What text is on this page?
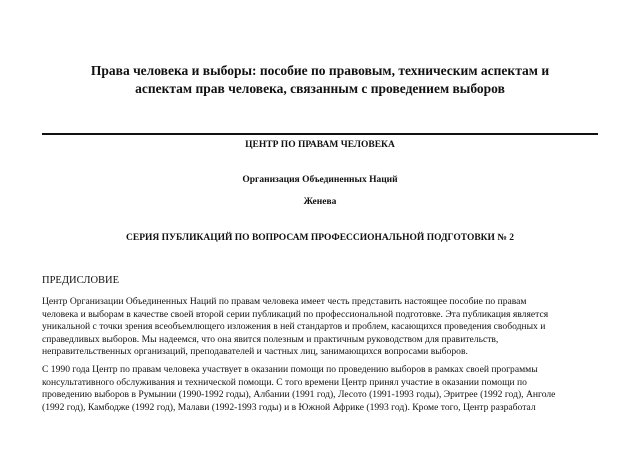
Права человека и выборы: пособие по правовым, техническим аспектам и
аспектам прав человека, связанным с проведением выборов
ЦЕНТР ПО ПРАВАМ ЧЕЛОВЕКА
Организация Объединенных Наций
Женева
СЕРИЯ ПУБЛИКАЦИЙ ПО ВОПРОСАМ ПРОФЕССИОНАЛЬНОЙ ПОДГОТОВКИ № 2
ПРЕДИСЛОВИЕ
Центр Организации Объединенных Наций по правам человека имеет честь представить настоящее пособие по правам
человека и выборам в качестве своей второй серии публикаций по профессиональной подготовке. Эта публикация является
уникальной с точки зрения всеобъемлющего изложения в ней стандартов и проблем, касающихся проведения свободных и
справедливых выборов. Мы надеемся, что она явится полезным и практичным руководством для правительств,
неправительственных организаций, преподавателей и частных лиц, занимающихся вопросами выборов.
С 1990 года Центр по правам человека участвует в оказании помощи по проведению выборов в рамках своей программы
консультативного обслуживания и технической помощи. С того времени Центр принял участие в оказании помощи по
проведению выборов в Румынии (1990-1992 годы), Албании (1991 год), Лесото (1991-1993 годы), Эритрее (1992 год), Анголе
(1992 год), Камбодже (1992 год), Малави (1992-1993 годы) и в Южной Африке (1993 год). Кроме того, Центр разработал
